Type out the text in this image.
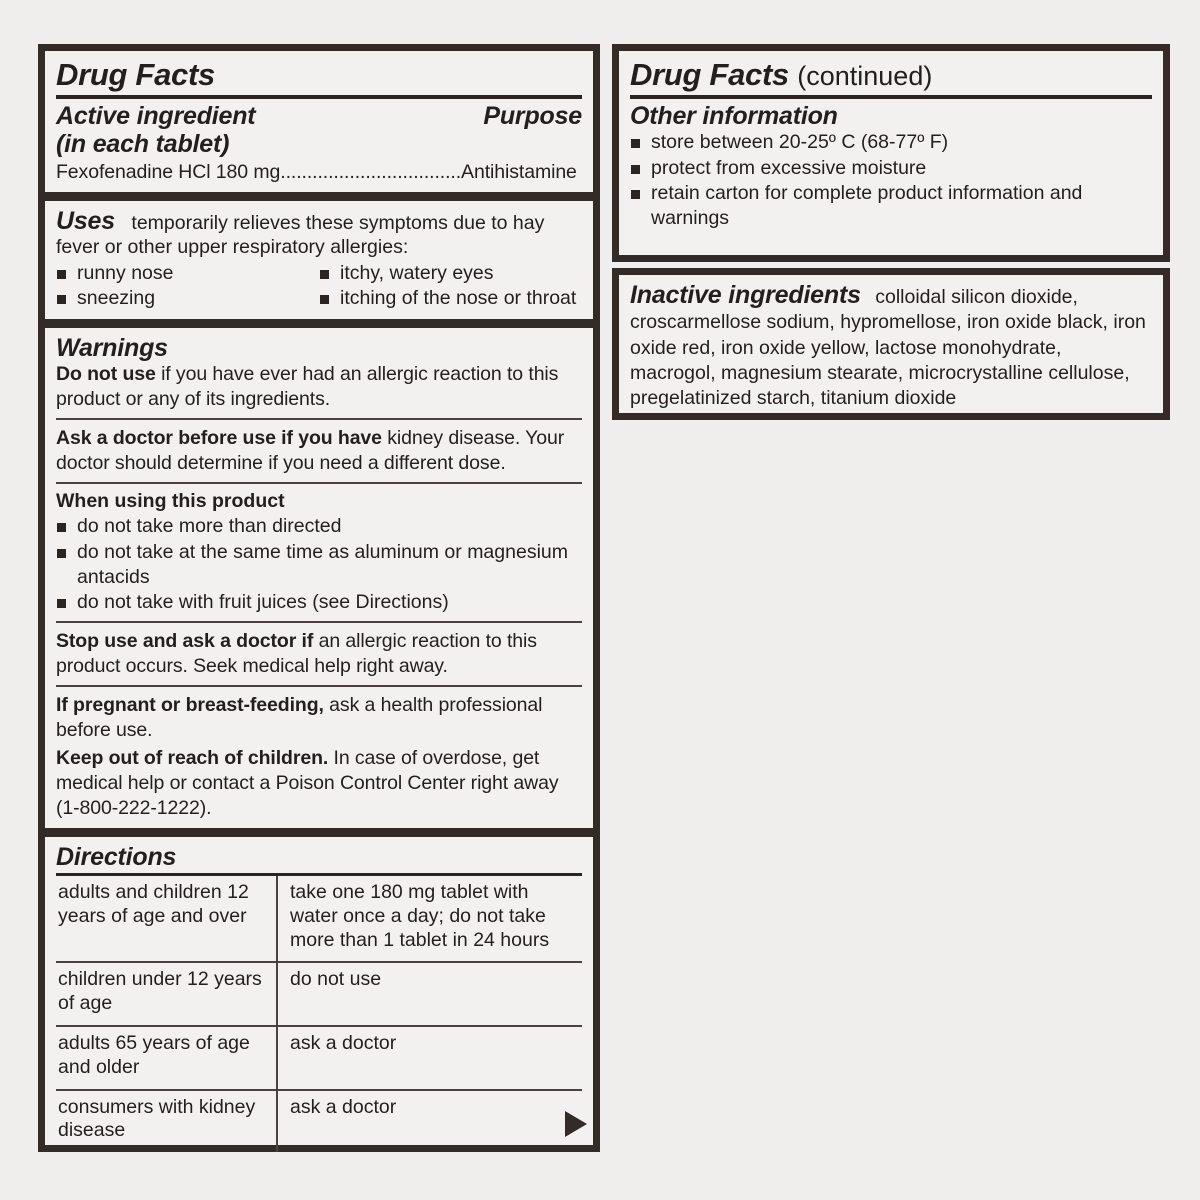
Drug Facts
Active ingredient
(in each tablet)
Purpose
Fexofenadine HCl 180 mg..................................Antihistamine
Uses temporarily relieves these symptoms due to hay fever or other upper respiratory allergies:
runny nose
sneezing
itchy, watery eyes
itching of the nose or throat
Warnings
Do not use if you have ever had an allergic reaction to this product or any of its ingredients.
Ask a doctor before use if you have kidney disease. Your doctor should determine if you need a different dose.
When using this product
do not take more than directed
do not take at the same time as aluminum or magnesium antacids
do not take with fruit juices (see Directions)
Stop use and ask a doctor if an allergic reaction to this product occurs. Seek medical help right away.
If pregnant or breast-feeding, ask a health professional before use.
Keep out of reach of children. In case of overdose, get medical help or contact a Poison Control Center right away (1-800-222-1222).
Directions
adults and children 12 years of age and over	take one 180 mg tablet with water once a day; do not take more than 1 tablet in 24 hours
children under 12 years of age	do not use
adults 65 years of age and older	ask a doctor
consumers with kidney disease	ask a doctor
Drug Facts (continued)
Other information
store between 20-25º C (68-77º F)
protect from excessive moisture
retain carton for complete product information and warnings
Inactive ingredients colloidal silicon dioxide, croscarmellose sodium, hypromellose, iron oxide black, iron oxide red, iron oxide yellow, lactose monohydrate, macrogol, magnesium stearate, microcrystalline cellulose, pregelatinized starch, titanium dioxide
